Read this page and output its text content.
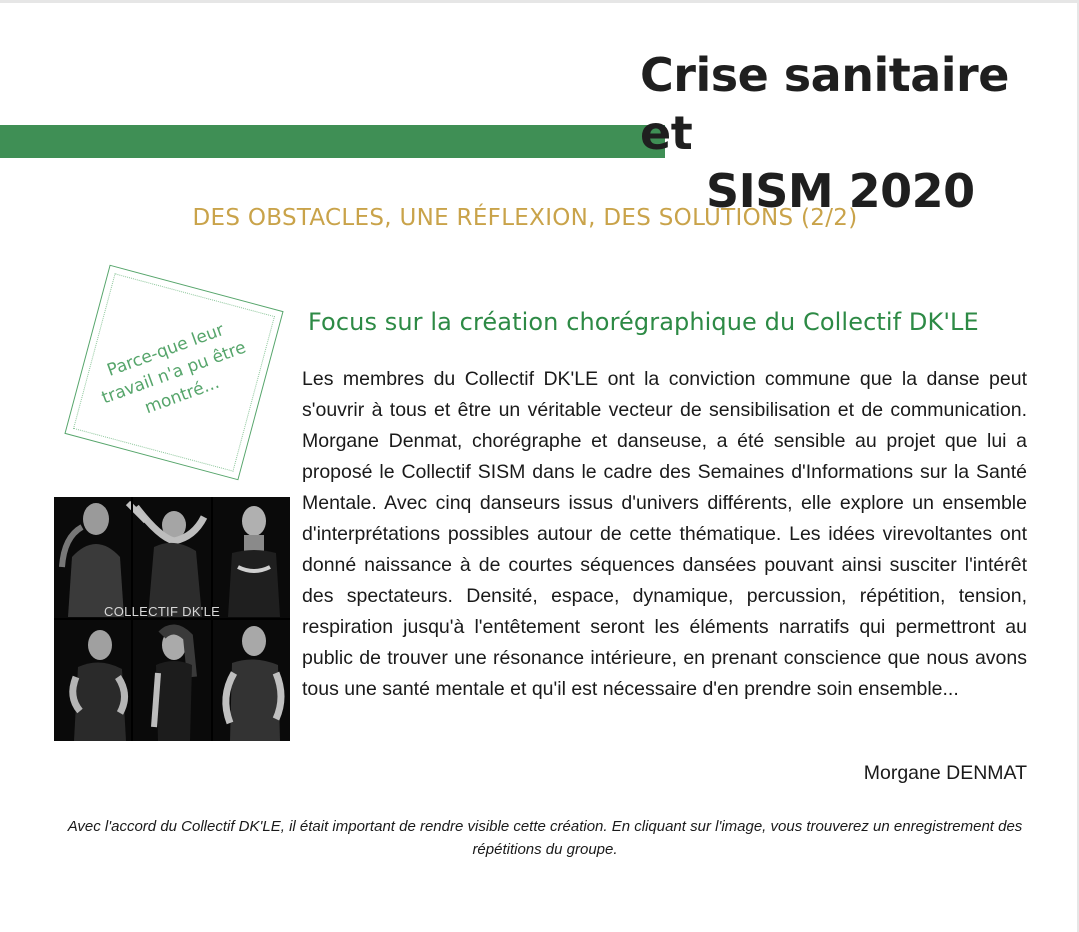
Crise sanitaire et
SISM 2020
DES OBSTACLES, UNE RÉFLEXION, DES SOLUTIONS (2/2)
Parce-que leur travail n'a pu être montré...
COLLECTIF DK'LE
Focus sur la création chorégraphique du Collectif DK'LE

Les membres du Collectif DK'LE ont la conviction commune que la danse peut s'ouvrir à tous et être un véritable vecteur de sensibilisation et de communication. Morgane Denmat, chorégraphe et danseuse, a été sensible au projet que lui a proposé le Collectif SISM dans le cadre des Semaines d'Informations sur la Santé Mentale. Avec cinq danseurs issus d'univers différents, elle explore un ensemble d'interprétations possibles autour de cette thématique. Les idées virevoltantes ont donné naissance à de courtes séquences dansées pouvant ainsi susciter l'intérêt des spectateurs. Densité, espace, dynamique, percussion, répétition, tension, respiration jusqu'à l'entêtement seront les éléments narratifs qui permettront au public de trouver une résonance intérieure, en prenant conscience que nous avons tous une santé mentale et qu'il est nécessaire d'en prendre soin ensemble...

Morgane DENMAT

Avec l'accord du Collectif DK'LE, il était important de rendre visible cette création. En cliquant sur l'image, vous trouverez un enregistrement des répétitions du groupe.
